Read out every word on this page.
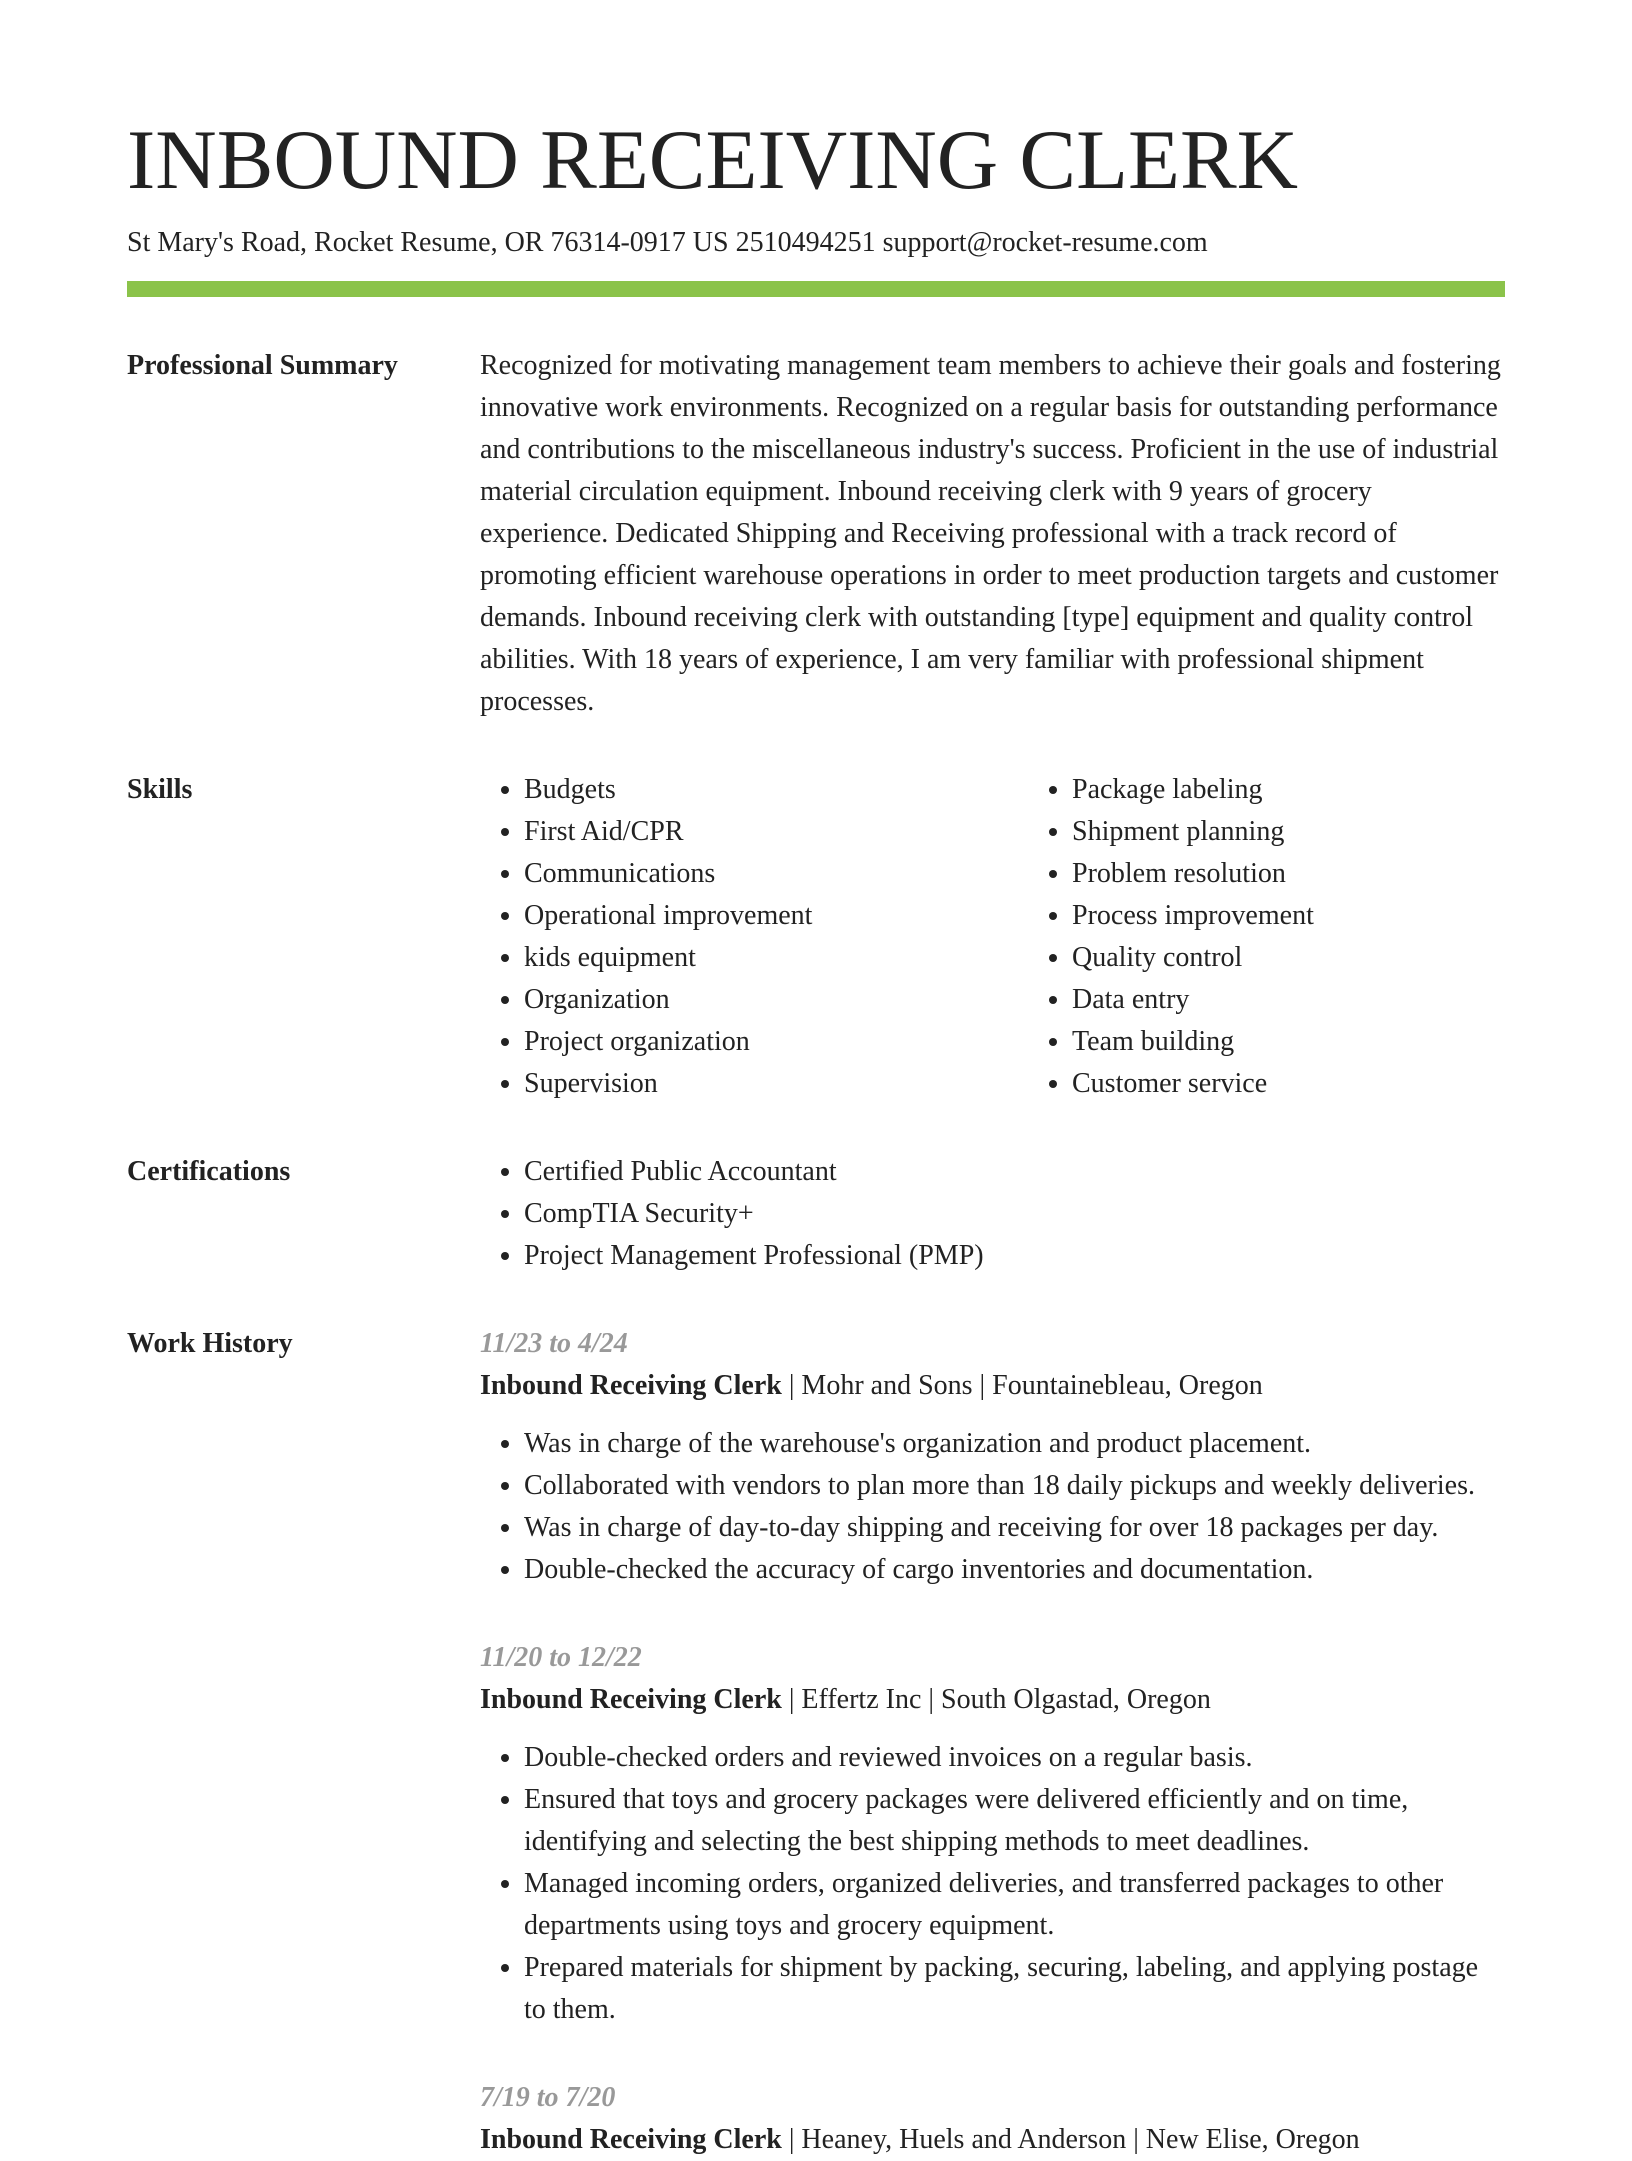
INBOUND RECEIVING CLERK
St Mary's Road, Rocket Resume, OR 76314-0917 US 2510494251 support@rocket-resume.com
Professional Summary	Recognized for motivating management team members to achieve their goals and fostering innovative work environments. Recognized on a regular basis for outstanding performance and contributions to the miscellaneous industry's success. Proficient in the use of industrial material circulation equipment. Inbound receiving clerk with 9 years of grocery experience. Dedicated Shipping and Receiving professional with a track record of promoting efficient warehouse operations in order to meet production targets and customer demands. Inbound receiving clerk with outstanding [type] equipment and quality control abilities. With 18 years of experience, I am very familiar with professional shipment processes.

Skills	• Budgets
• First Aid/CPR
• Communications
• Operational improvement
• kids equipment
• Organization
• Project organization
• Supervision
• Package labeling
• Shipment planning
• Problem resolution
• Process improvement
• Quality control
• Data entry
• Team building
• Customer service
Certifications	• Certified Public Accountant
• CompTIA Security+
• Project Management Professional (PMP)
Work History	11/23 to 4/24
Inbound Receiving Clerk | Mohr and Sons | Fountainebleau, Oregon
• Was in charge of the warehouse's organization and product placement.
• Collaborated with vendors to plan more than 18 daily pickups and weekly deliveries.
• Was in charge of day-to-day shipping and receiving for over 18 packages per day.
• Double-checked the accuracy of cargo inventories and documentation.
11/20 to 12/22
Inbound Receiving Clerk | Effertz Inc | South Olgastad, Oregon
• Double-checked orders and reviewed invoices on a regular basis.
• Ensured that toys and grocery packages were delivered efficiently and on time, identifying and selecting the best shipping methods to meet deadlines.
• Managed incoming orders, organized deliveries, and transferred packages to other departments using toys and grocery equipment.
• Prepared materials for shipment by packing, securing, labeling, and applying postage to them.
7/19 to 7/20
Inbound Receiving Clerk | Heaney, Huels and Anderson | New Elise, Oregon
